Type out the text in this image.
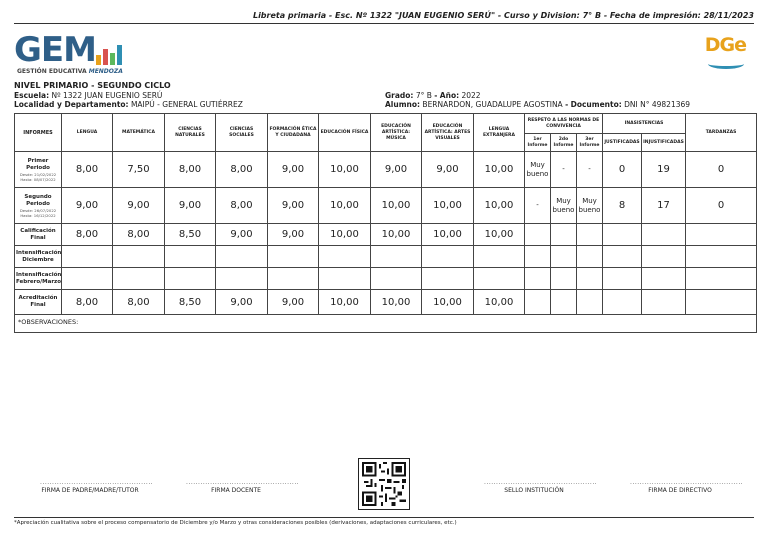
Libreta primaria - Esc. Nº 1322 "JUAN EUGENIO SERÚ" - Curso y Division: 7° B - Fecha de impresión: 28/11/2023
GEM
GESTIÓN EDUCATIVA MENDOZA
DGe
NIVEL PRIMARIO - SEGUNDO CICLO
Escuela: Nº 1322 JUAN EUGENIO SERÚ
Localidad y Departamento: MAIPÚ - GENERAL GUTIÉRREZ
Grado: 7° B - Año: 2022
Alumno: BERNARDON, GUADALUPE AGOSTINA - Documento: DNI N° 49821369
INFORMES	LENGUA	MATEMÁTICA	CIENCIAS NATURALES	CIENCIAS SOCIALES	FORMACIÓN ÉTICA Y CIUDADANA	EDUCACIÓN FÍSICA	EDUCACIÓN ARTÍSTICA: MÚSICA	EDUCACIÓN ARTÍSTICA: ARTES VISUALES	LENGUA EXTRANJERA	RESPETO A LAS NORMAS DE CONVIVENCIA			INASISTENCIAS		TARDANZAS
										1er Informe	2do Informe	3er Informe	JUSTIFICADAS	INJUSTIFICADAS	
Primer Periodo
Desde: 21/02/2022
Hasta: 08/07/2022	8,00	7,50	8,00	8,00	9,00	10,00	9,00	9,00	10,00	Muy bueno	-	-	0	19	0
Segundo Periodo
Desde: 26/07/2022
Hasta: 16/12/2022	9,00	9,00	9,00	8,00	9,00	10,00	10,00	10,00	10,00	-	Muy bueno	Muy bueno	8	17	0
Calificación Final	8,00	8,00	8,50	9,00	9,00	10,00	10,00	10,00	10,00						
Intensificación Diciembre															
Intensificación Febrero/Marzo															
Acreditación Final	8,00	8,00	8,50	9,00	9,00	10,00	10,00	10,00	10,00						
*OBSERVACIONES:															
...............................................
FIRMA DE PADRE/MADRE/TUTOR
...............................................
FIRMA DOCENTE
...............................................
SELLO INSTITUCIÓN
...............................................
FIRMA DE DIRECTIVO
*Apreciación cualitativa sobre el proceso compensatorio de Diciembre y/o Marzo y otras consideraciones posibles (derivaciones, adaptaciones curriculares, etc.)
